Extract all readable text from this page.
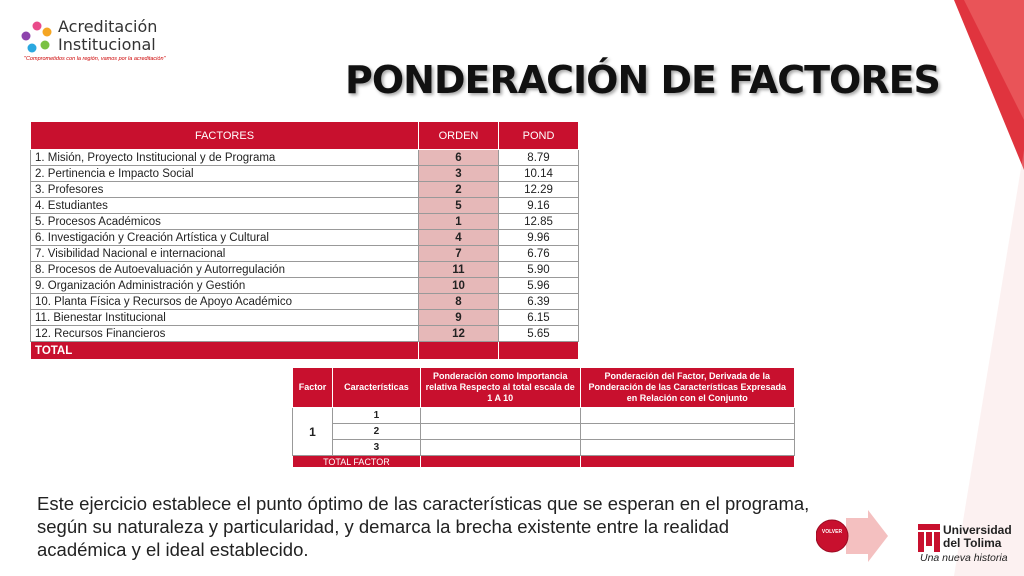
Acreditación
Institucional
"Comprometidos con la región, vamos por la acreditación"	PONDERACIÓN DE FACTORES
FACTORES	ORDEN	POND
1. Misión, Proyecto Institucional y de Programa	6	8.79
2. Pertinencia e Impacto Social	3	10.14
3. Profesores	2	12.29
4. Estudiantes	5	9.16
5. Procesos Académicos	1	12.85
6. Investigación y Creación Artística y Cultural	4	9.96
7. Visibilidad Nacional e internacional	7	6.76
8. Procesos de Autoevaluación y Autorregulación	11	5.90
9. Organización Administración y Gestión	10	5.96
10. Planta Física y Recursos de Apoyo Académico	8	6.39
11. Bienestar Institucional	9	6.15
12. Recursos Financieros	12	5.65
TOTAL		
Factor	Características	Ponderación como Importancia relativa Respecto al total escala de 1 A 10	Ponderación del Factor, Derivada de la Ponderación de las Características Expresada en Relación con el Conjunto
1	1		
	2		
	3		
TOTAL FACTOR			
Este ejercicio establece el punto óptimo de las características que se esperan en el programa, según su naturaleza y particularidad, y demarca la brecha existente entre la realidad académica y el ideal establecido.
VOLVER	Universidad
del Tolima
Una nueva historia
